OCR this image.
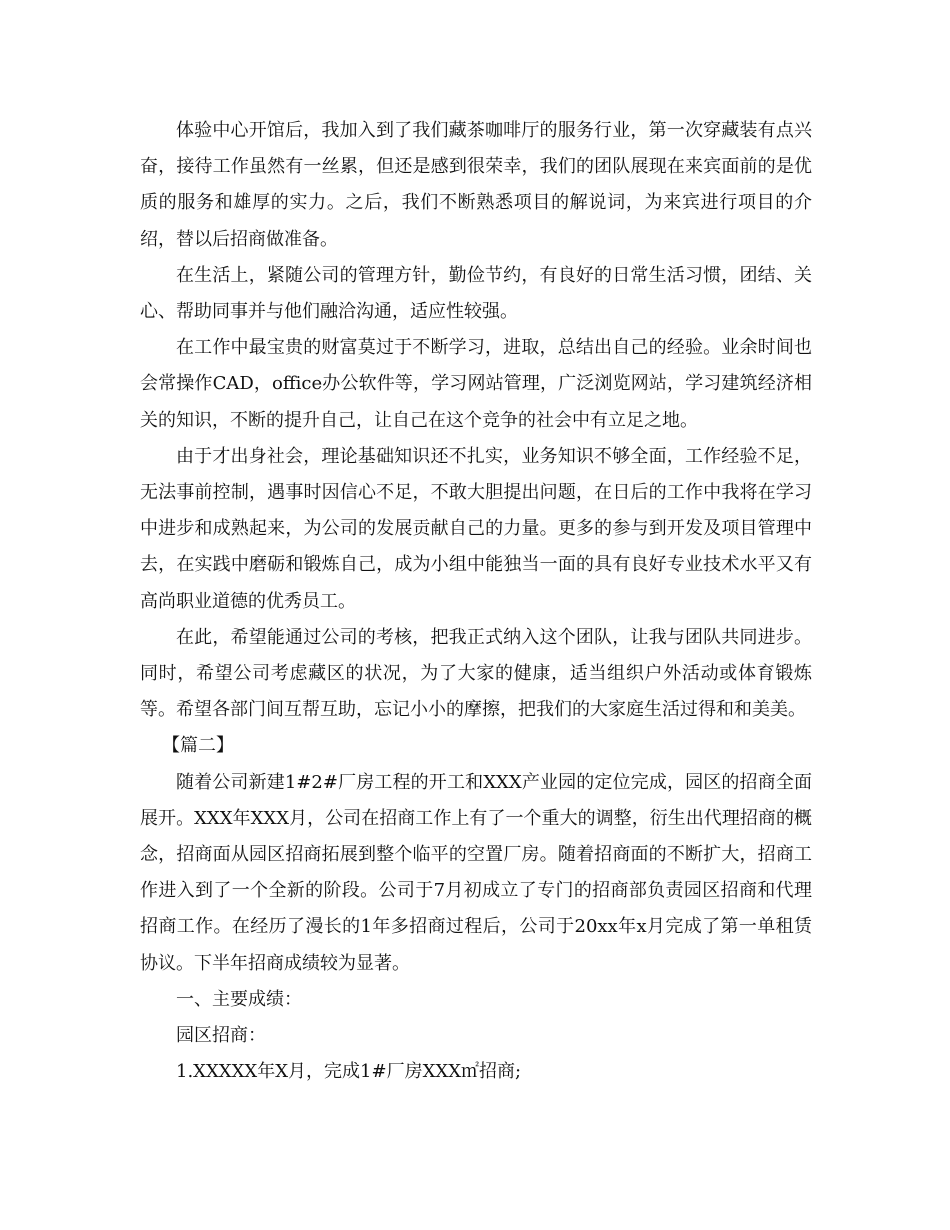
体验中心开馆后，我加入到了我们藏茶咖啡厅的服务行业，第一次穿藏装有点兴奋，接待工作虽然有一丝累，但还是感到很荣幸，我们的团队展现在来宾面前的是优质的服务和雄厚的实力。之后，我们不断熟悉项目的解说词，为来宾进行项目的介绍，替以后招商做准备。

在生活上，紧随公司的管理方针，勤俭节约，有良好的日常生活习惯，团结、关心、帮助同事并与他们融洽沟通，适应性较强。

在工作中最宝贵的财富莫过于不断学习，进取，总结出自己的经验。业余时间也会常操作CAD，office办公软件等，学习网站管理，广泛浏览网站，学习建筑经济相关的知识，不断的提升自己，让自己在这个竞争的社会中有立足之地。

由于才出身社会，理论基础知识还不扎实，业务知识不够全面，工作经验不足，无法事前控制，遇事时因信心不足，不敢大胆提出问题，在日后的工作中我将在学习中进步和成熟起来，为公司的发展贡献自己的力量。更多的参与到开发及项目管理中去，在实践中磨砺和锻炼自己，成为小组中能独当一面的具有良好专业技术水平又有高尚职业道德的优秀员工。

在此，希望能通过公司的考核，把我正式纳入这个团队，让我与团队共同进步。同时，希望公司考虑藏区的状况，为了大家的健康，适当组织户外活动或体育锻炼等。希望各部门间互帮互助，忘记小小的摩擦，把我们的大家庭生活过得和和美美。

【篇二】

随着公司新建1#2#厂房工程的开工和XXX产业园的定位完成，园区的招商全面展开。XXX年XXX月，公司在招商工作上有了一个重大的调整，衍生出代理招商的概念，招商面从园区招商拓展到整个临平的空置厂房。随着招商面的不断扩大，招商工作进入到了一个全新的阶段。公司于7月初成立了专门的招商部负责园区招商和代理招商工作。在经历了漫长的1年多招商过程后，公司于20xx年x月完成了第一单租赁协议。下半年招商成绩较为显著。

一、主要成绩：

园区招商：

1.XXXXX年X月，完成1#厂房XXX㎡招商;
